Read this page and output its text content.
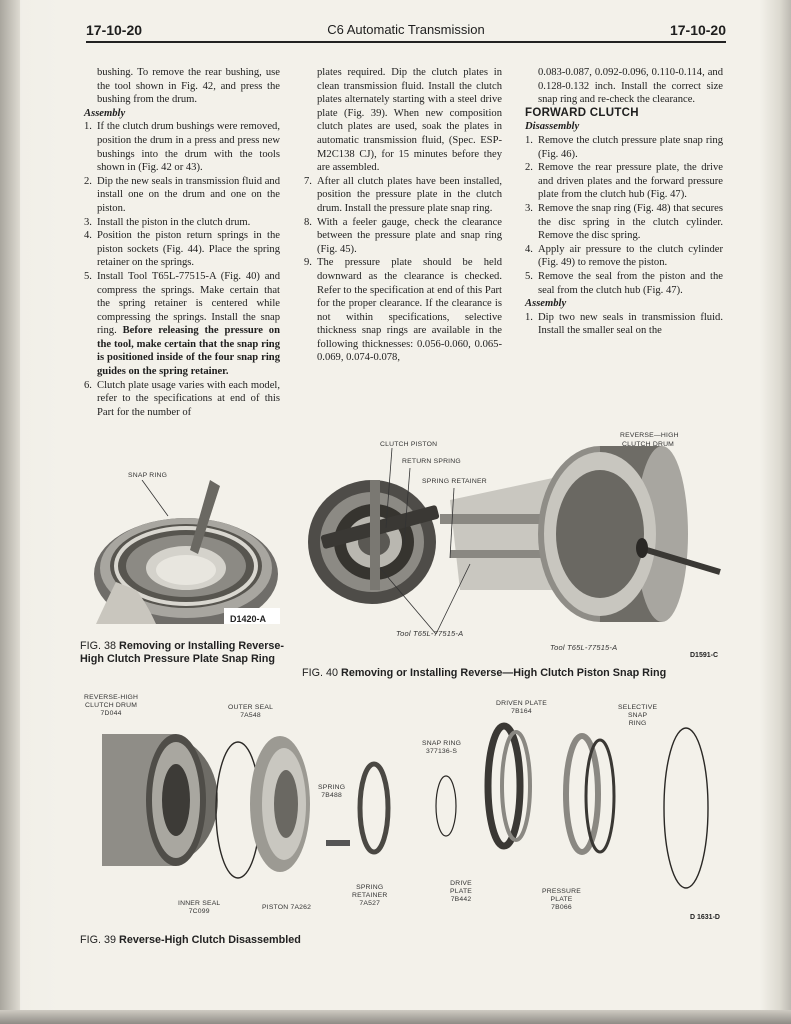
17-10-20	C6 Automatic Transmission	17-10-20

bushing. To remove the rear bushing, use the tool shown in Fig. 42, and press the bushing from the drum.

Assembly

1. If the clutch drum bushings were removed, position the drum in a press and press new bushings into the drum with the tools shown in (Fig. 42 or 43).
2. Dip the new seals in transmission fluid and install one on the drum and one on the piston.
3. Install the piston in the clutch drum.
4. Position the piston return springs in the piston sockets (Fig. 44). Place the spring retainer on the springs.
5. Install Tool T65L-77515-A (Fig. 40) and compress the springs. Make certain that the spring retainer is centered while compressing the springs. Install the snap ring. Before releasing the pressure on the tool, make certain that the snap ring is positioned inside of the four snap ring guides on the spring retainer.
6. Clutch plate usage varies with each model, refer to the specifications at end of this Part for the number of

plates required. Dip the clutch plates in clean transmission fluid. Install the clutch plates alternately starting with a steel drive plate (Fig. 39). When new composition clutch plates are used, soak the plates in automatic transmission fluid, (Spec. ESP-M2C138 CJ), for 15 minutes before they are assembled.

7. After all clutch plates have been installed, position the pressure plate in the clutch drum. Install the pressure plate snap ring.
8. With a feeler gauge, check the clearance between the pressure plate and snap ring (Fig. 45).
9. The pressure plate should be held downward as the clearance is checked. Refer to the specification at end of this Part for the proper clearance. If the clearance is not within specifications, selective thickness snap rings are available in the following thicknesses: 0.056-0.060, 0.065-0.069, 0.074-0.078,

0.083-0.087, 0.092-0.096, 0.110-0.114, and 0.128-0.132 inch. Install the correct size snap ring and re-check the clearance.

FORWARD CLUTCH

Disassembly

1. Remove the clutch pressure plate snap ring (Fig. 46).
2. Remove the rear pressure plate, the drive and driven plates and the forward pressure plate from the clutch hub (Fig. 47).
3. Remove the snap ring (Fig. 48) that secures the disc spring in the clutch cylinder. Remove the disc spring.
4. Apply air pressure to the clutch cylinder (Fig. 49) to remove the piston.
5. Remove the seal from the piston and the seal from the clutch hub (Fig. 47).

Assembly

1. Dip two new seals in transmission fluid. Install the smaller seal on the
SNAP RING
D1420-A
FIG. 38 Removing or Installing Reverse-High Clutch Pressure Plate Snap Ring
CLUTCH PISTON
RETURN SPRING
SPRING RETAINER
REVERSE—HIGH
CLUTCH DRUM
Tool T65L-77515-A
Tool T65L-77515-A
D1591-C
FIG. 40 Removing or Installing Reverse—High Clutch Piston Snap Ring
REVERSE-HIGH
CLUTCH DRUM
7D044
OUTER SEAL
7A548
INNER SEAL
7C099
PISTON 7A262
SPRING
7B488
SPRING
RETAINER
7A527
SNAP RING
377136-S
DRIVEN PLATE
7B164
DRIVE
PLATE
7B442
PRESSURE
PLATE
7B066
SELECTIVE
SNAP
RING
D 1631-D
FIG. 39 Reverse-High Clutch Disassembled
